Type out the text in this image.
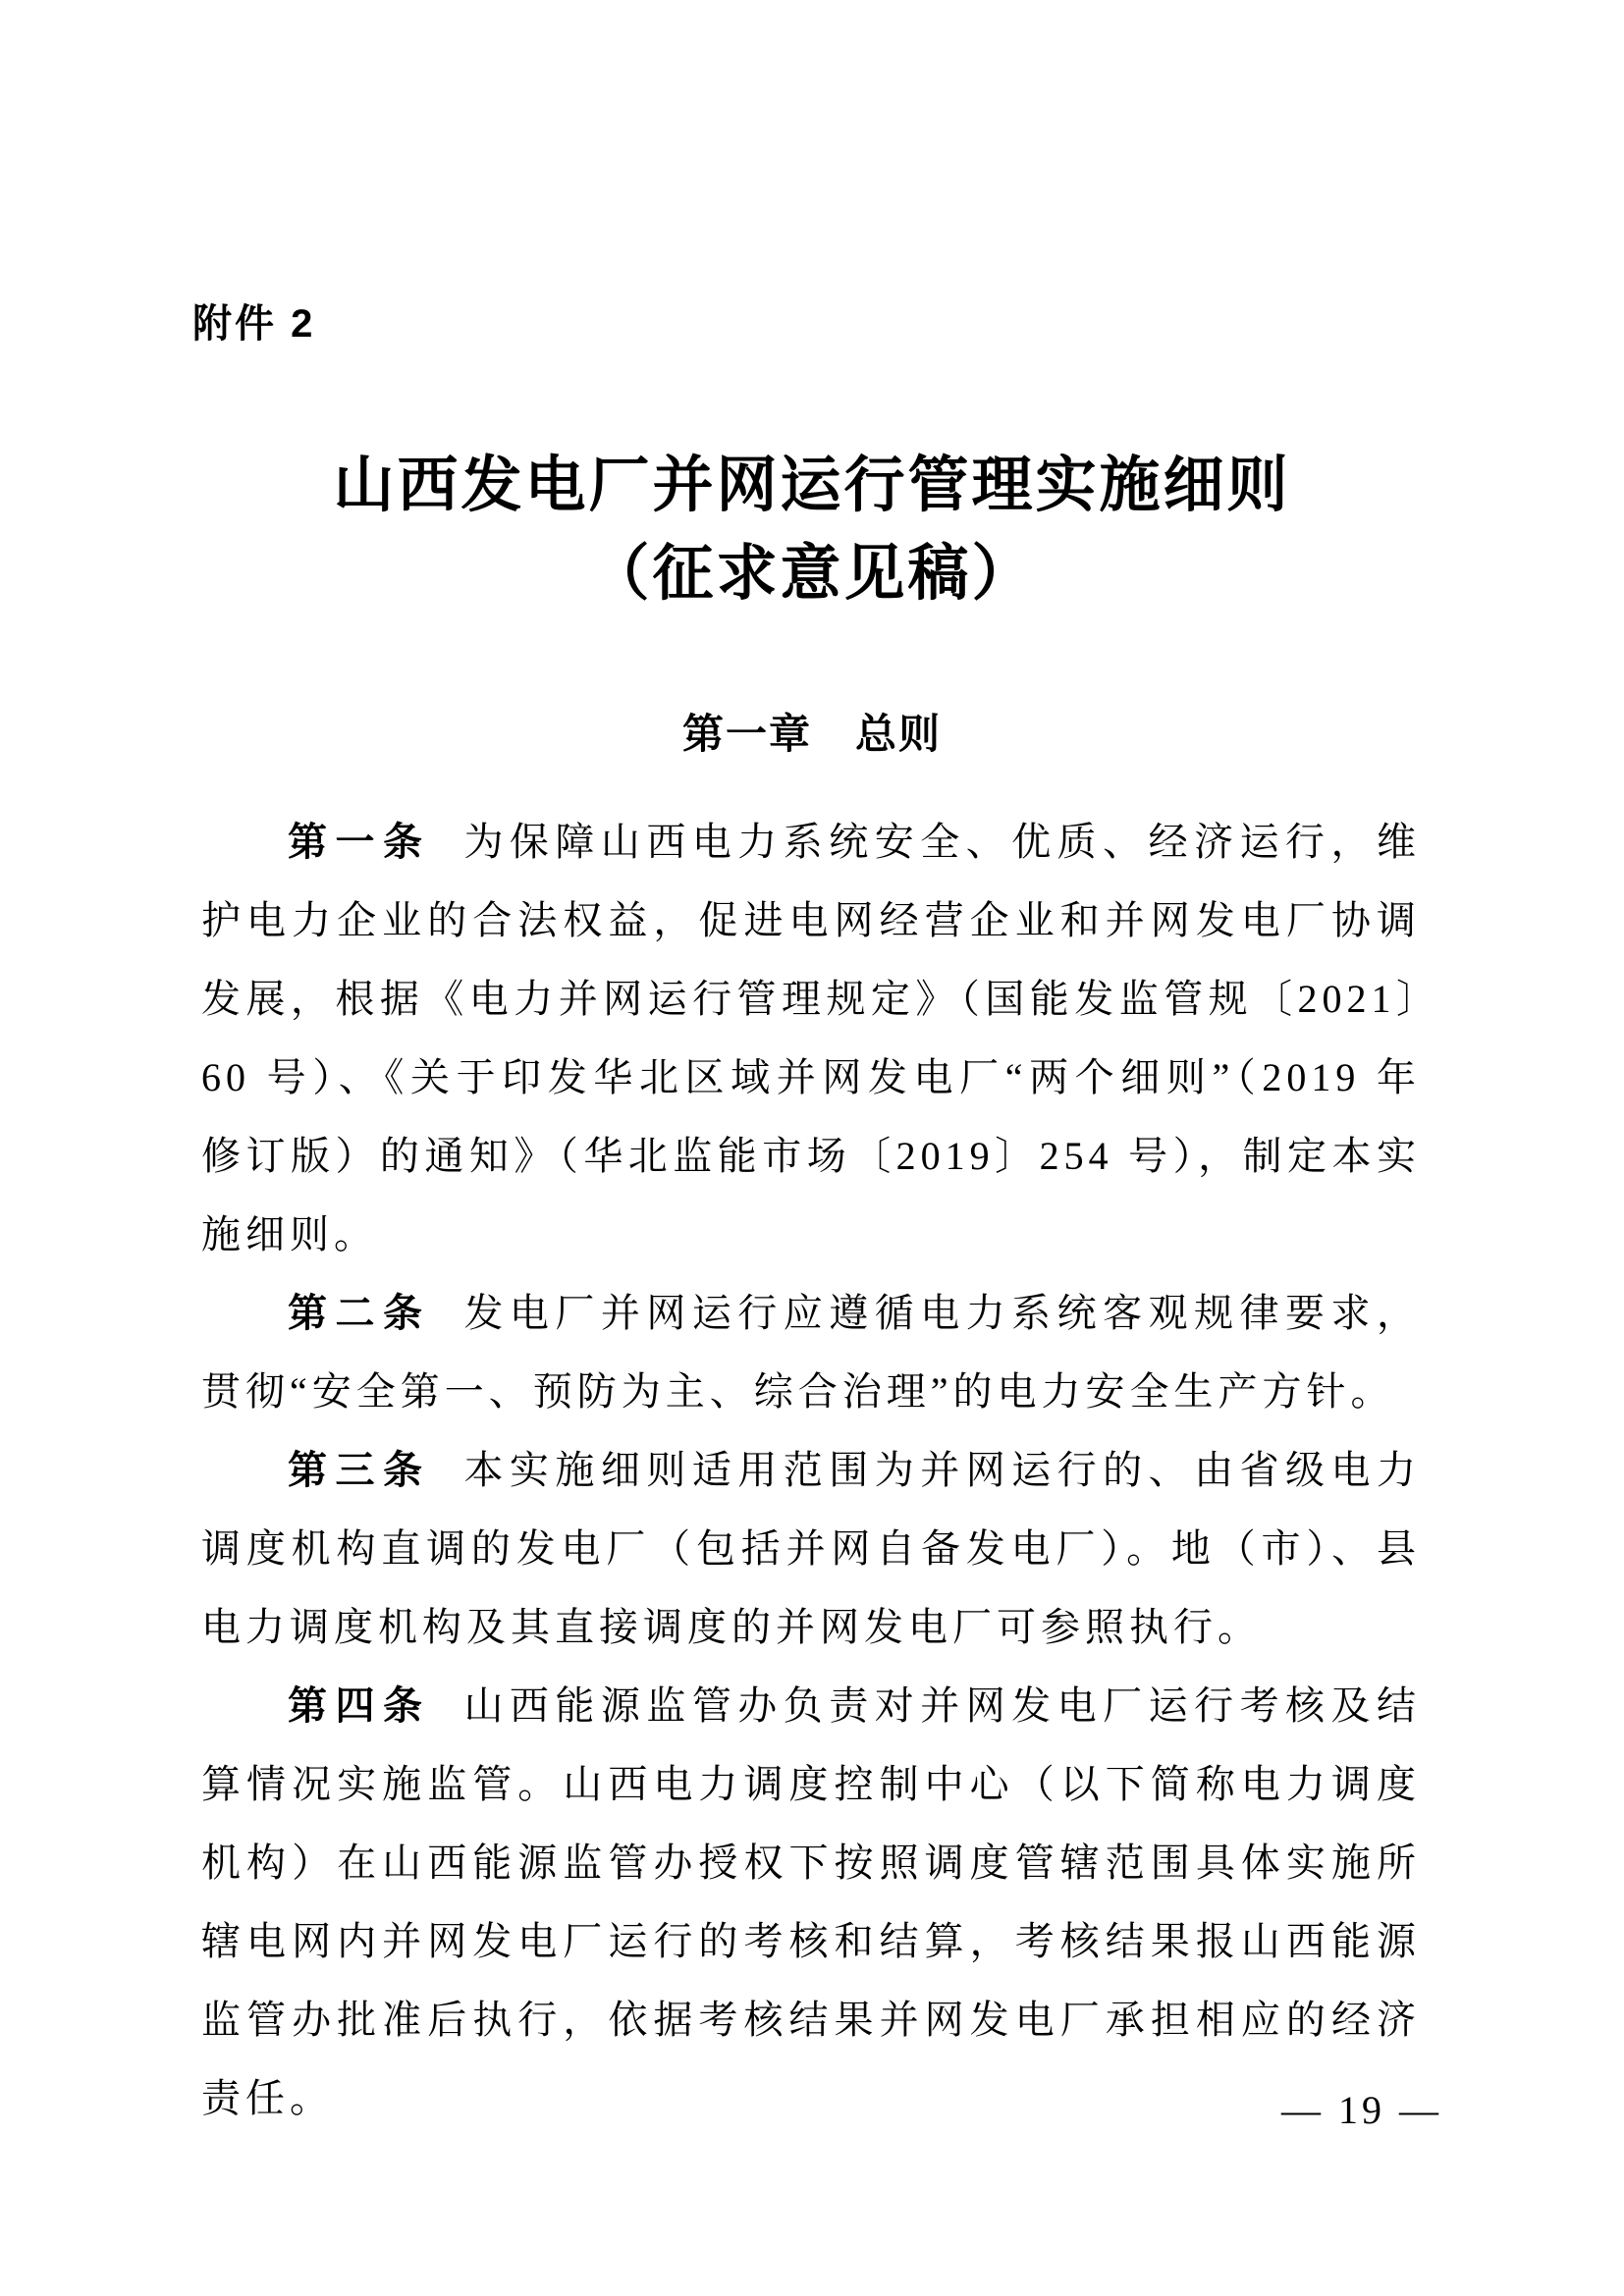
附件 2
山西发电厂并网运行管理实施细则
（征求意见稿）
第一章　总则

第一条 为保障山西电力系统安全、优质、经济运行，维护电力企业的合法权益，促进电网经营企业和并网发电厂协调发展，根据《电力并网运行管理规定》（国能发监管规〔2021〕60 号）、《关于印发华北区域并网发电厂“两个细则”（2019 年修订版）的通知》（华北监能市场〔2019〕254 号），制定本实施细则。

第二条 发电厂并网运行应遵循电力系统客观规律要求，贯彻“安全第一、预防为主、综合治理”的电力安全生产方针。

第三条 本实施细则适用范围为并网运行的、由省级电力调度机构直调的发电厂（包括并网自备发电厂）。地（市）、县电力调度机构及其直接调度的并网发电厂可参照执行。

第四条 山西能源监管办负责对并网发电厂运行考核及结算情况实施监管。山西电力调度控制中心（以下简称电力调度机构）在山西能源监管办授权下按照调度管辖范围具体实施所辖电网内并网发电厂运行的考核和结算，考核结果报山西能源监管办批准后执行，依据考核结果并网发电厂承担相应的经济责任。	— 19 —
